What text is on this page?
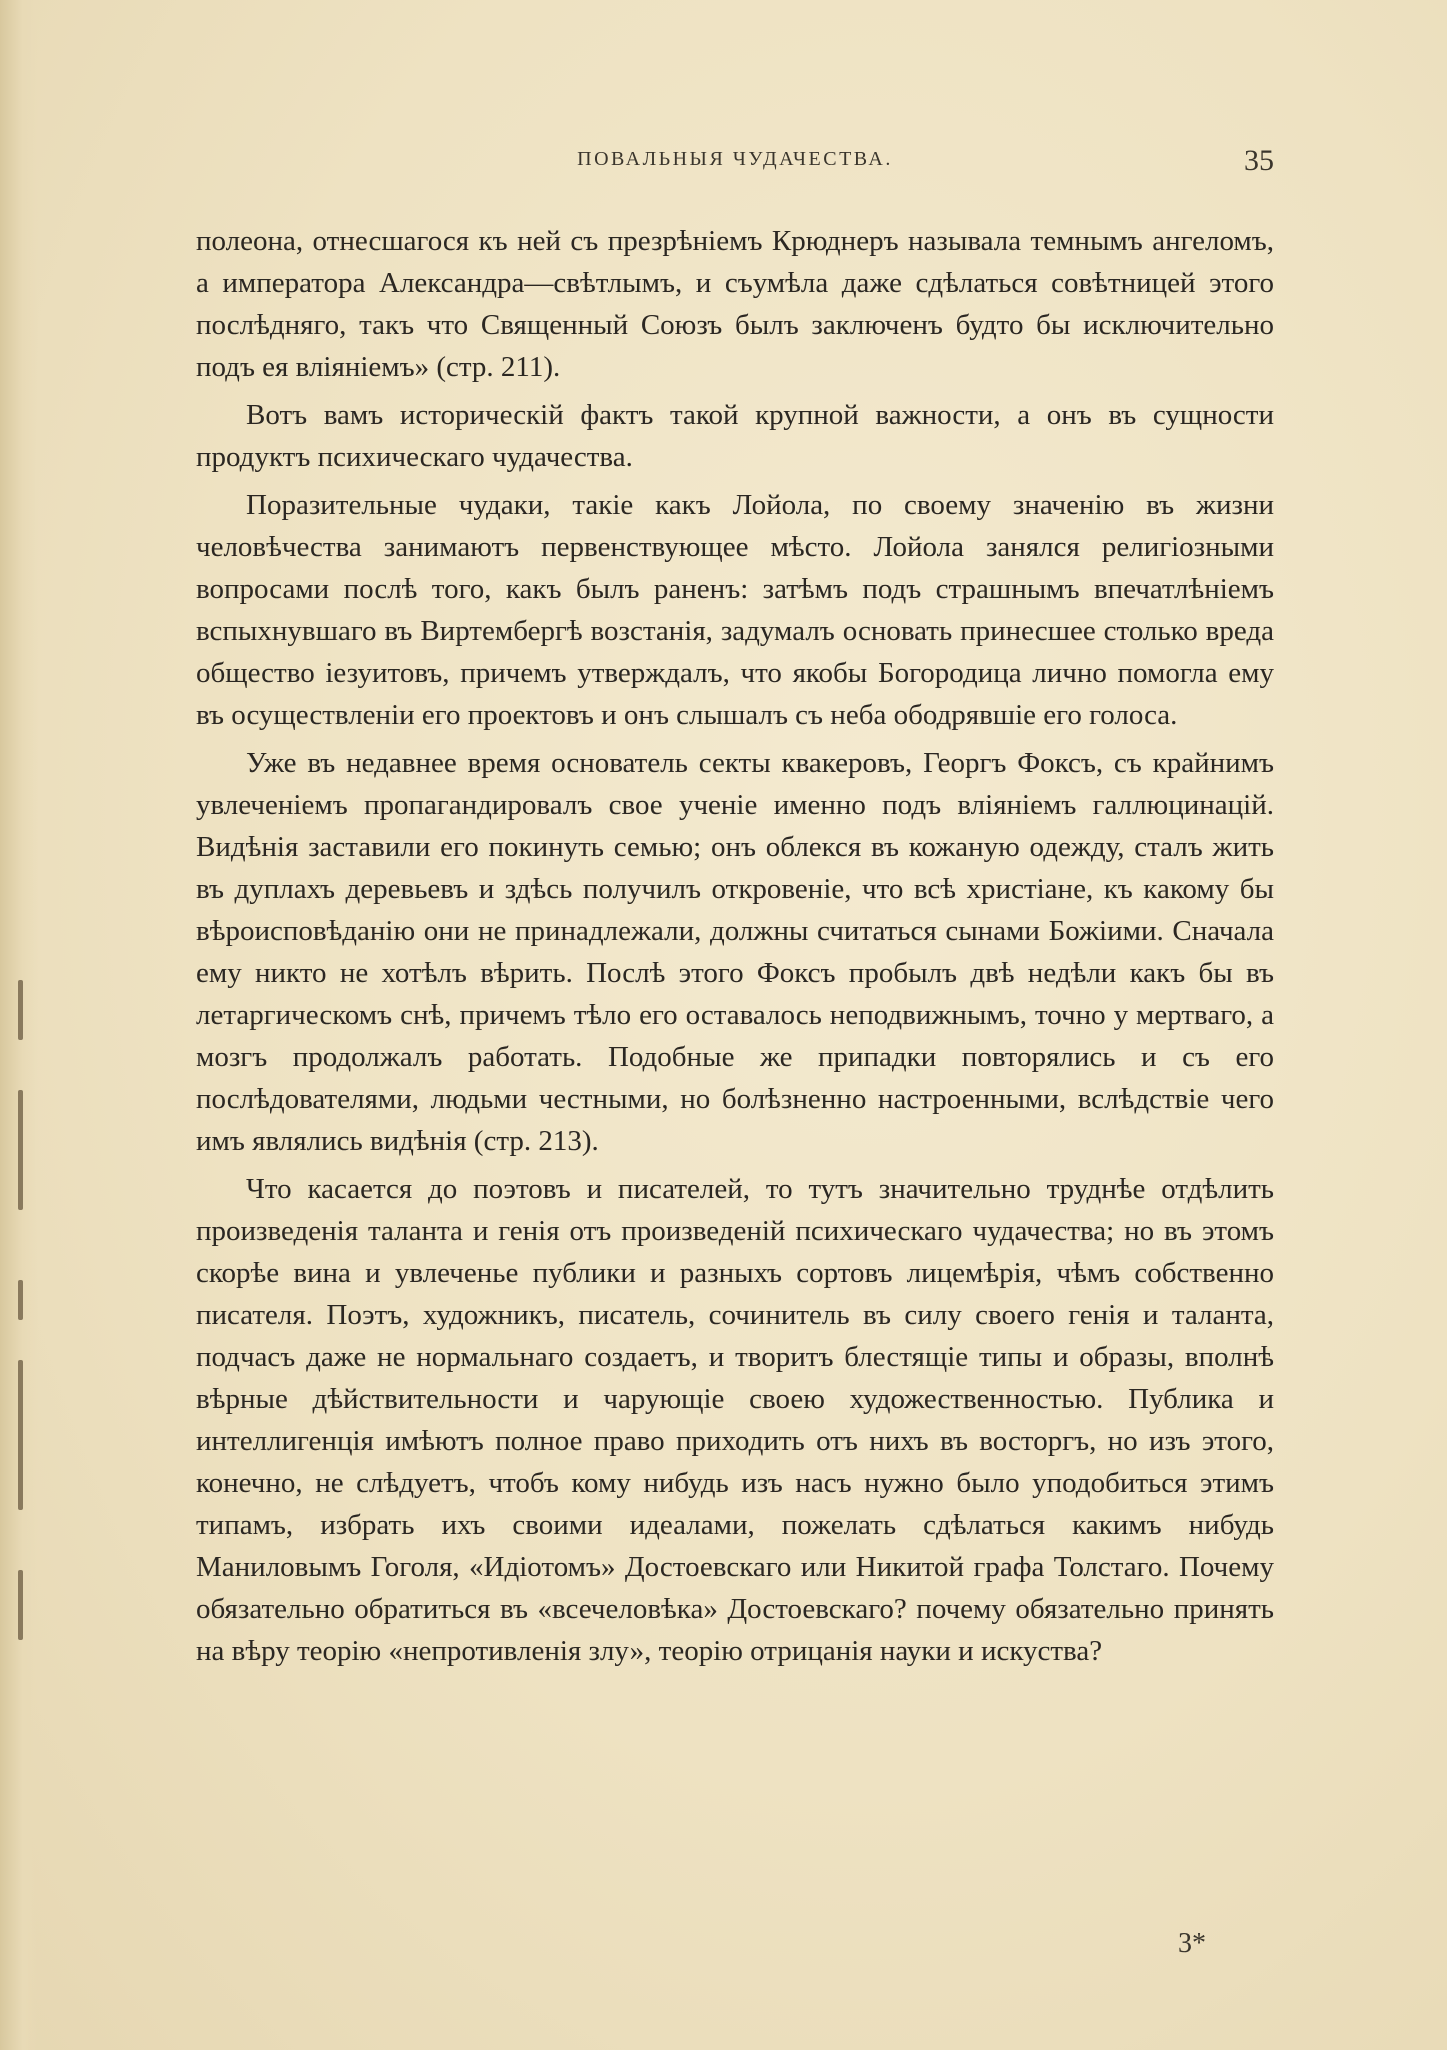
ПОВАЛЬНЫЯ ЧУДАЧЕСТВА.	35

полеона, отнесшагося къ ней съ презрѣніемъ Крюднеръ называла темнымъ ангеломъ, а императора Александра—свѣтлымъ, и съумѣла даже сдѣлаться совѣтницей этого послѣдняго, такъ что Священный Союзъ былъ заключенъ будто бы исключительно подъ ея вліяніемъ» (стр. 211).

Вотъ вамъ историческій фактъ такой крупной важности, а онъ въ сущности продуктъ психическаго чудачества.

Поразительные чудаки, такіе какъ Лойола, по своему значенію въ жизни человѣчества занимаютъ первенствующее мѣсто. Лойола занялся религіозными вопросами послѣ того, какъ былъ раненъ: затѣмъ подъ страшнымъ впечатлѣніемъ вспыхнувшаго въ Виртембергѣ возстанія, задумалъ основать принесшее столько вреда общество іезуитовъ, причемъ утверждалъ, что якобы Богородица лично помогла ему въ осуществленіи его проектовъ и онъ слышалъ съ неба ободрявшіе его голоса.

Уже въ недавнее время основатель секты квакеровъ, Георгъ Фоксъ, съ крайнимъ увлеченіемъ пропагандировалъ свое ученіе именно подъ вліяніемъ галлюцинацій. Видѣнія заставили его покинуть семью; онъ облекся въ кожаную одежду, сталъ жить въ дуплахъ деревьевъ и здѣсь получилъ откровеніе, что всѣ христіане, къ какому бы вѣроисповѣданію они не принадлежали, должны считаться сынами Божіими. Сначала ему никто не хотѣлъ вѣрить. Послѣ этого Фоксъ пробылъ двѣ недѣли какъ бы въ летаргическомъ снѣ, причемъ тѣло его оставалось неподвижнымъ, точно у мертваго, а мозгъ продолжалъ работать. Подобные же припадки повторялись и съ его послѣдователями, людьми честными, но болѣзненно настроенными, вслѣдствіе чего имъ являлись видѣнія (стр. 213).

Что касается до поэтовъ и писателей, то тутъ значительно труднѣе отдѣлить произведенія таланта и генія отъ произведеній психическаго чудачества; но въ этомъ скорѣе вина и увлеченье публики и разныхъ сортовъ лицемѣрія, чѣмъ собственно писателя. Поэтъ, художникъ, писатель, сочинитель въ силу своего генія и таланта, подчасъ даже не нормальнаго создаетъ, и творитъ блестящіе типы и образы, вполнѣ вѣрные дѣйствительности и чарующіе своею художественностью. Публика и интеллигенція имѣютъ полное право приходить отъ нихъ въ восторгъ, но изъ этого, конечно, не слѣдуетъ, чтобъ кому нибудь изъ насъ нужно было уподобиться этимъ типамъ, избрать ихъ своими идеалами, пожелать сдѣлаться какимъ нибудь Маниловымъ Гоголя, «Идіотомъ» Достоевскаго или Никитой графа Толстаго. Почему обязательно обратиться въ «всечеловѣка» Достоевскаго? почему обязательно принять на вѣру теорію «непротивленія злу», теорію отрицанія науки и искуства?

3*
